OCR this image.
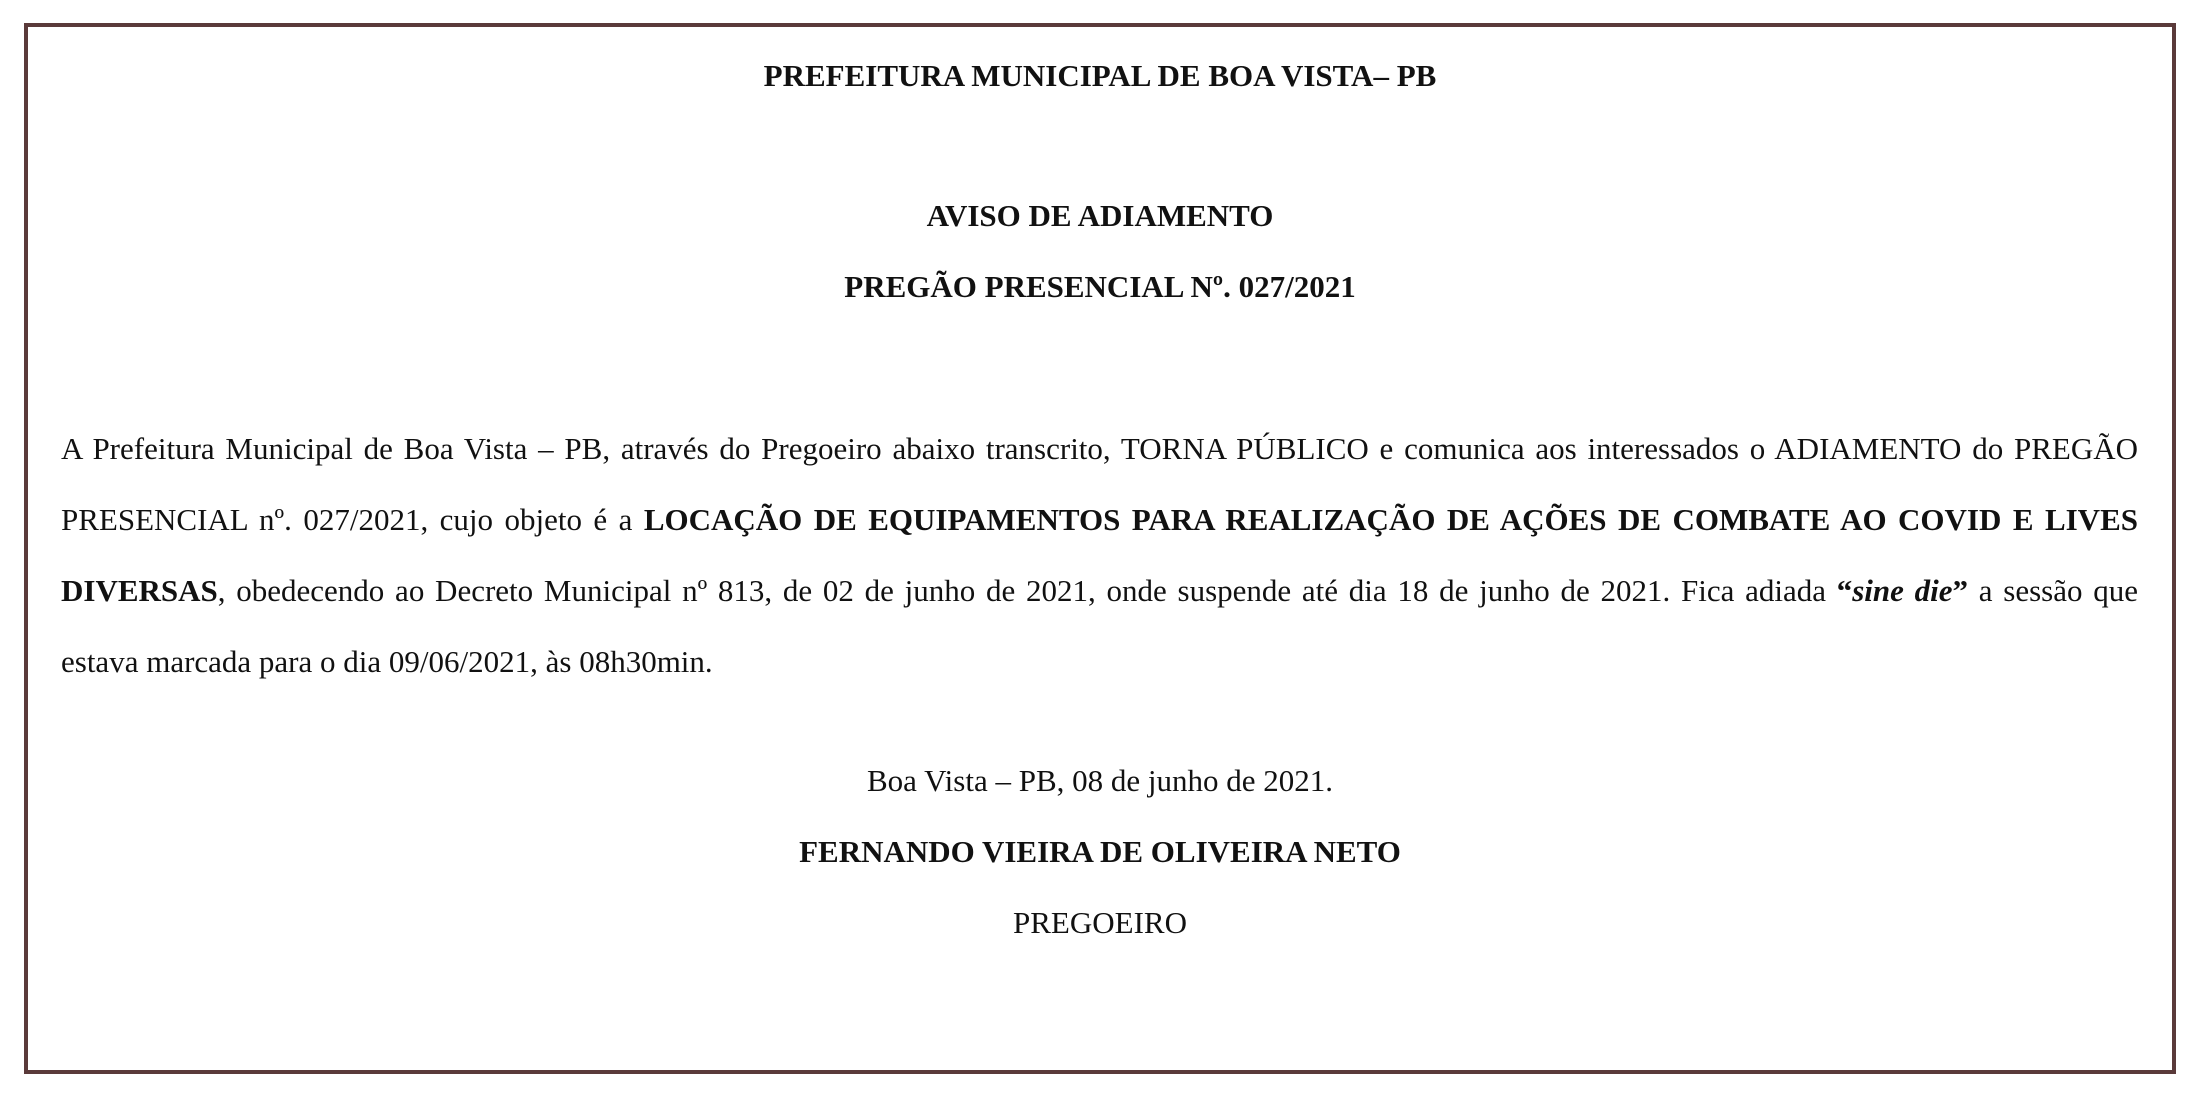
PREFEITURA MUNICIPAL DE BOA VISTA– PB
AVISO DE ADIAMENTO
PREGÃO PRESENCIAL Nº. 027/2021

A Prefeitura Municipal de Boa Vista – PB, através do Pregoeiro abaixo transcrito, TORNA PÚBLICO e comunica aos interessados o ADIAMENTO do PREGÃO PRESENCIAL nº. 027/2021, cujo objeto é a LOCAÇÃO DE EQUIPAMENTOS PARA REALIZAÇÃO DE AÇÕES DE COMBATE AO COVID E LIVES DIVERSAS, obedecendo ao Decreto Municipal nº 813, de 02 de junho de 2021, onde suspende até dia 18 de junho de 2021. Fica adiada “sine die” a sessão que estava marcada para o dia 09/06/2021, às 08h30min.

Boa Vista – PB, 08 de junho de 2021.
FERNANDO VIEIRA DE OLIVEIRA NETO
PREGOEIRO
